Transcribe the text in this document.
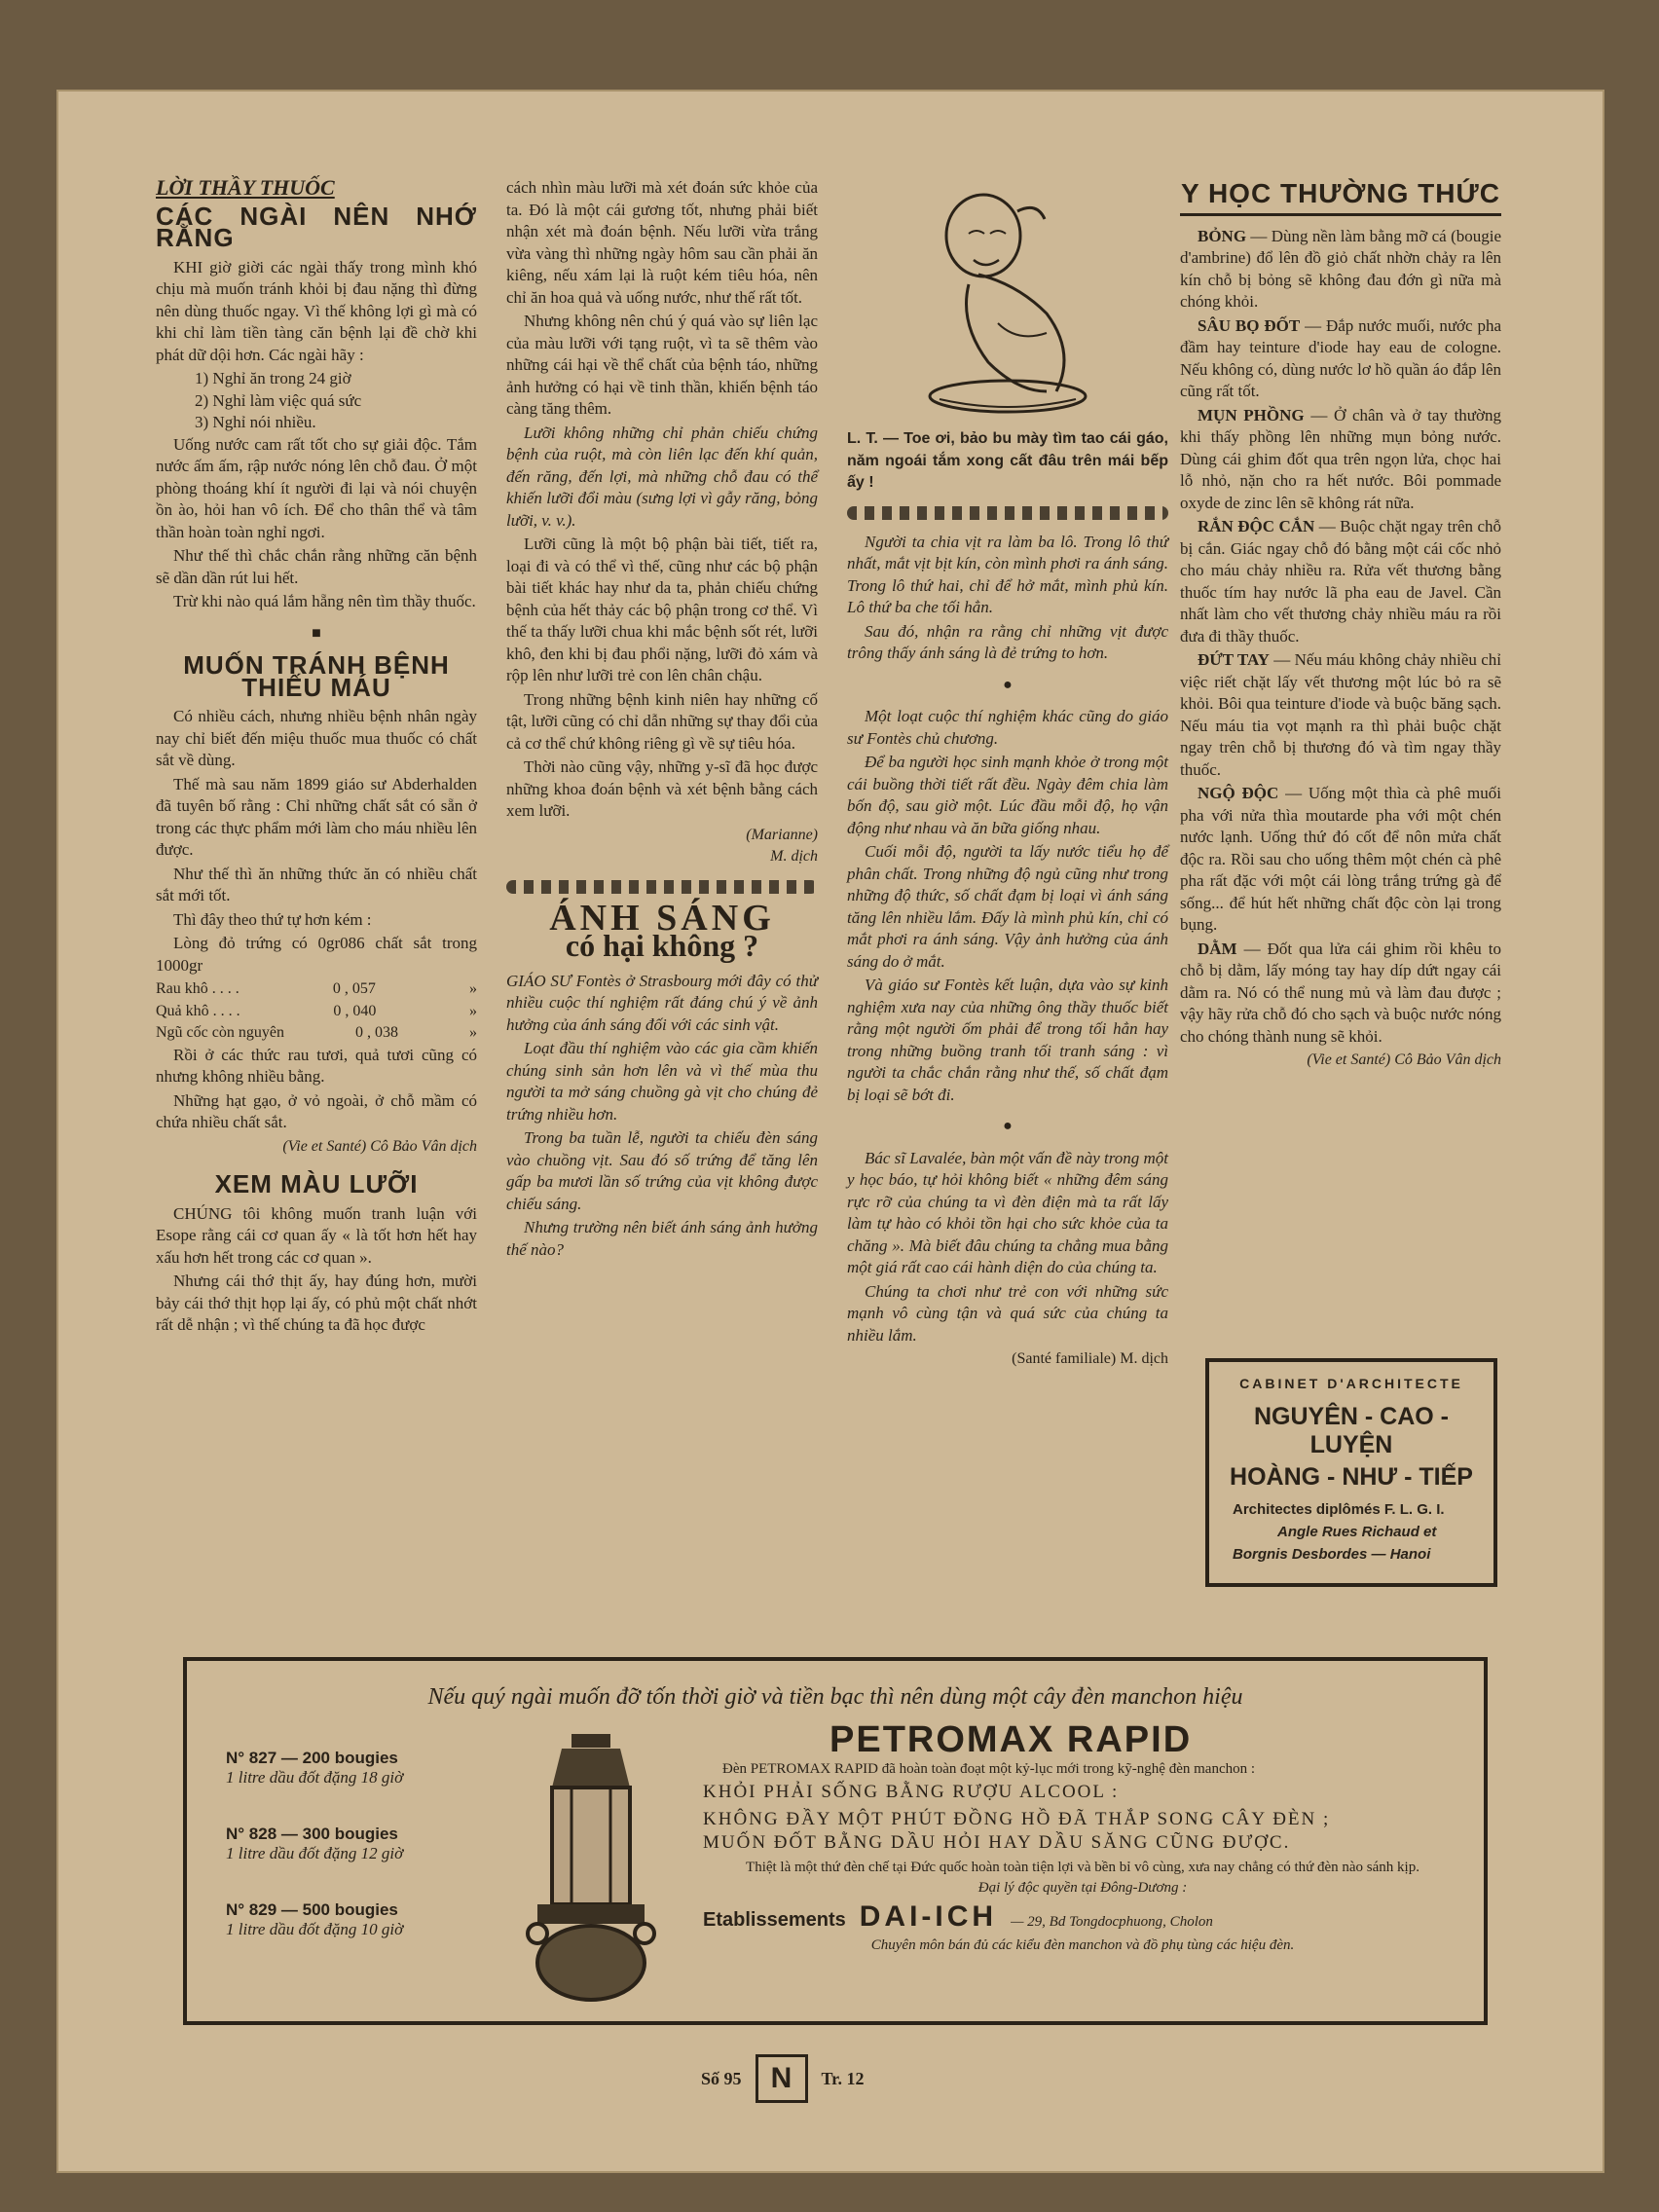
LỜI THẦY THUỐC
CÁC NGÀI NÊN NHỚ RẰNG

KHI giờ giời các ngài thấy trong mình khó chịu mà muốn tránh khỏi bị đau nặng thì đừng nên dùng thuốc ngay. Vì thế không lợi gì mà có khi chỉ làm tiền tàng căn bệnh lại đề chờ khi phát dữ dội hơn. Các ngài hãy :

1) Nghỉ ăn trong 24 giờ
2) Nghỉ làm việc quá sức
3) Nghỉ nói nhiều.

Uống nước cam rất tốt cho sự giải độc. Tắm nước ấm ấm, rập nước nóng lên chỗ đau. Ở một phòng thoáng khí ít người đi lại và nói chuyện ồn ào, hỏi han vô ích. Để cho thân thể và tâm thần hoàn toàn nghỉ ngơi.

Như thế thì chắc chắn rằng những căn bệnh sẽ dần dần rút lui hết.

Trừ khi nào quá lắm hẵng nên tìm thầy thuốc.

■
MUỐN TRÁNH BỆNH
THIẾU MÁU

Có nhiều cách, nhưng nhiều bệnh nhân ngày nay chỉ biết đến miệu thuốc mua thuốc có chất sắt về dùng.

Thế mà sau năm 1899 giáo sư Abderhalden đã tuyên bố rằng : Chỉ những chất sắt có sẵn ở trong các thực phẩm mới làm cho máu nhiều lên được.

Như thế thì ăn những thức ăn có nhiều chất sắt mới tốt.

Thì đây theo thứ tự hơn kém :

Lòng đỏ trứng có 0gr086 chất sắt trong 1000gr

Rau khô . . . .	0 , 057	»
Quả khô . . . .	0 , 040	»
Ngũ cốc còn nguyên	0 , 038	»

Rồi ở các thức rau tươi, quả tươi cũng có nhưng không nhiều bằng.

Những hạt gạo, ở vỏ ngoài, ở chỗ mầm có chứa nhiều chất sắt.

(Vie et Santé) Cô Bảo Vân dịch
XEM MÀU LƯỠI

CHÚNG tôi không muốn tranh luận với Esope rằng cái cơ quan ấy « là tốt hơn hết hay xấu hơn hết trong các cơ quan ».

Nhưng cái thớ thịt ấy, hay đúng hơn, mười bảy cái thớ thịt họp lại ấy, có phủ một chất nhớt rất dễ nhận ; vì thế chúng ta đã học được

cách nhìn màu lưỡi mà xét đoán sức khỏe của ta. Đó là một cái gương tốt, nhưng phải biết nhận xét mà đoán bệnh. Nếu lưỡi vừa trắng vừa vàng thì những ngày hôm sau cần phải ăn kiêng, nếu xám lại là ruột kém tiêu hóa, nên chỉ ăn hoa quả và uống nước, như thế rất tốt.

Nhưng không nên chú ý quá vào sự liên lạc của màu lưỡi với tạng ruột, vì ta sẽ thêm vào những cái hại về thể chất của bệnh táo, những ảnh hưởng có hại về tinh thần, khiến bệnh táo càng tăng thêm.

Lưỡi không những chỉ phản chiếu chứng bệnh của ruột, mà còn liên lạc đến khí quản, đến răng, đến lợi, mà những chỗ đau có thể khiến lưỡi đổi màu (sưng lợi vì gẫy răng, bỏng lưỡi, v. v.).

Lưỡi cũng là một bộ phận bài tiết, tiết ra, loại đi và có thể vì thế, cũng như các bộ phận bài tiết khác hay như da ta, phản chiếu chứng bệnh của hết thảy các bộ phận trong cơ thể. Vì thế ta thấy lưỡi chua khi mắc bệnh sốt rét, lưỡi khô, đen khi bị đau phổi nặng, lưỡi đỏ xám và rộp lên như lưỡi trẻ con lên chân chậu.

Trong những bệnh kinh niên hay những cố tật, lưỡi cũng có chỉ dẫn những sự thay đổi của cả cơ thể chứ không riêng gì về sự tiêu hóa.

Thời nào cũng vậy, những y-sĩ đã học được những khoa đoán bệnh và xét bệnh bằng cách xem lưỡi.

(Marianne)
M. dịch
ÁNH SÁNG
có hại không ?

GIÁO SƯ Fontès ở Strasbourg mới đây có thử nhiều cuộc thí nghiệm rất đáng chú ý về ảnh hưởng của ánh sáng đối với các sinh vật.

Loạt đầu thí nghiệm vào các gia cầm khiến chúng sinh sản hơn lên và vì thế mùa thu người ta mở sáng chuồng gà vịt cho chúng đẻ trứng nhiều hơn.

Trong ba tuần lễ, người ta chiếu đèn sáng vào chuồng vịt. Sau đó số trứng để tăng lên gấp ba mươi lần số trứng của vịt không được chiếu sáng.

Nhưng trường nên biết ánh sáng ảnh hưởng thế nào?

L. T. — Toe ơi, bảo bu mày tìm tao cái gáo, năm ngoái tắm xong cất đâu trên mái bếp ấy !

Người ta chia vịt ra làm ba lô. Trong lô thứ nhất, mắt vịt bịt kín, còn mình phơi ra ánh sáng. Trong lô thứ hai, chỉ để hở mắt, mình phủ kín. Lô thứ ba che tối hẳn.

Sau đó, nhận ra rằng chỉ những vịt được trông thấy ánh sáng là đẻ trứng to hơn.

●

Một loạt cuộc thí nghiệm khác cũng do giáo sư Fontès chủ chương.

Để ba người học sinh mạnh khỏe ở trong một cái buồng thời tiết rất đều. Ngày đêm chia làm bốn độ, sau giờ một. Lúc đầu mỗi độ, họ vận động như nhau và ăn bữa giống nhau.

Cuối mỗi độ, người ta lấy nước tiểu họ để phân chất. Trong những độ ngủ cũng như trong những độ thức, số chất đạm bị loại vì ánh sáng tăng lên nhiều lắm. Đấy là mình phủ kín, chỉ có mắt phơi ra ánh sáng. Vậy ảnh hưởng của ánh sáng do ở mắt.

Và giáo sư Fontès kết luận, dựa vào sự kinh nghiệm xưa nay của những ông thầy thuốc biết rằng một người ốm phải để trong tối hẳn hay trong những buồng tranh tối tranh sáng : vì người ta chắc chắn rằng như thế, số chất đạm bị loại sẽ bớt đi.

●

Bác sĩ Lavalée, bàn một vấn đề này trong một y học báo, tự hỏi không biết « những đêm sáng rực rỡ của chúng ta vì đèn điện mà ta rất lấy làm tự hào có khỏi tồn hại cho sức khỏe của ta chăng ». Mà biết đâu chúng ta chẳng mua bằng một giá rất cao cái hành diện do của chúng ta.

Chúng ta chơi như trẻ con với những sức mạnh vô cùng tận và quá sức của chúng ta nhiều lắm.

(Santé familiale) M. dịch
Y HỌC THƯỜNG THỨC

BỎNG — Dùng nền làm bằng mỡ cá (bougie d'ambrine) đổ lên đồ giỏ chất nhờn chảy ra lên kín chỗ bị bỏng sẽ không đau đớn gì nữa mà chóng khỏi.

SÂU BỌ ĐỐT — Đắp nước muối, nước pha đầm hay teinture d'iode hay eau de cologne. Nếu không có, dùng nước lơ hồ quần áo đắp lên cũng rất tốt.

MỤN PHỒNG — Ở chân và ở tay thường khi thấy phồng lên những mụn bỏng nước. Dùng cái ghim đốt qua trên ngọn lửa, chọc hai lỗ nhỏ, nặn cho ra hết nước. Bôi pommade oxyde de zinc lên sẽ không rát nữa.

RẮN ĐỘC CẮN — Buộc chặt ngay trên chỗ bị cắn. Giác ngay chỗ đó bằng một cái cốc nhỏ cho máu chảy nhiều ra. Rửa vết thương bằng thuốc tím hay nước lã pha eau de Javel. Cần nhất làm cho vết thương chảy nhiều máu ra rồi đưa đi thầy thuốc.

ĐỨT TAY — Nếu máu không chảy nhiều chỉ việc riết chặt lấy vết thương một lúc bỏ ra sẽ khỏi. Bôi qua teinture d'iode và buộc băng sạch. Nếu máu tia vọt mạnh ra thì phải buộc chặt ngay trên chỗ bị thương đó và tìm ngay thầy thuốc.

NGỘ ĐỘC — Uống một thìa cà phê muối pha với nửa thìa moutarde pha với một chén nước lạnh. Uống thứ đó cốt để nôn mửa chất độc ra. Rồi sau cho uống thêm một chén cà phê pha rất đặc với một cái lòng trắng trứng gà để sống... để hút hết những chất độc còn lại trong bụng.

DẰM — Đốt qua lửa cái ghim rồi khêu to chỗ bị dằm, lấy móng tay hay díp dứt ngay cái dằm ra. Nó có thể nung mủ và làm đau được ; vậy hãy rửa chỗ đó cho sạch và buộc nước nóng cho chóng thành nung sẽ khỏi.

(Vie et Santé) Cô Bảo Vân dịch
CABINET D'ARCHITECTE
NGUYÊN - CAO - LUYỆN
HOÀNG - NHƯ - TIẾP
Architectes diplômés F. L. G. I.
Angle Rues Richaud et
Borgnis Desbordes — Hanoi
Nếu quý ngài muốn đỡ tốn thời giờ và tiền bạc thì nên dùng một cây đèn manchon hiệu
N° 827 — 200 bougies
1 litre dầu đốt đặng 18 giờ
N° 828 — 300 bougies
1 litre dầu đốt đặng 12 giờ
N° 829 — 500 bougies
1 litre dầu đốt đặng 10 giờ
PETROMAX RAPID
Đèn PETROMAX RAPID đã hoàn toàn đoạt một kỷ-lục mới trong kỹ-nghệ đèn manchon :
KHỎI PHẢI SỐNG BẰNG RƯỢU ALCOOL :
KHÔNG ĐẦY MỘT PHÚT ĐỒNG HỒ ĐÃ THẮP SONG CÂY ĐÈN ;
MUỐN ĐỐT BẰNG DẦU HỎI HAY DẦU SĂNG CŨNG ĐƯỢC.
Thiệt là một thứ đèn chế tại Đức quốc hoàn toàn tiện lợi và bền bỉ vô cùng, xưa nay chẳng có thứ đèn nào sánh kịp.
Đại lý độc quyền tại Đông-Dương :
Etablissements DAI-ICH — 29, Bd Tongdocphuong, Cholon
Chuyên môn bán đủ các kiểu đèn manchon và đồ phụ tùng các hiệu đèn.
Số 95	N	Tr. 12
